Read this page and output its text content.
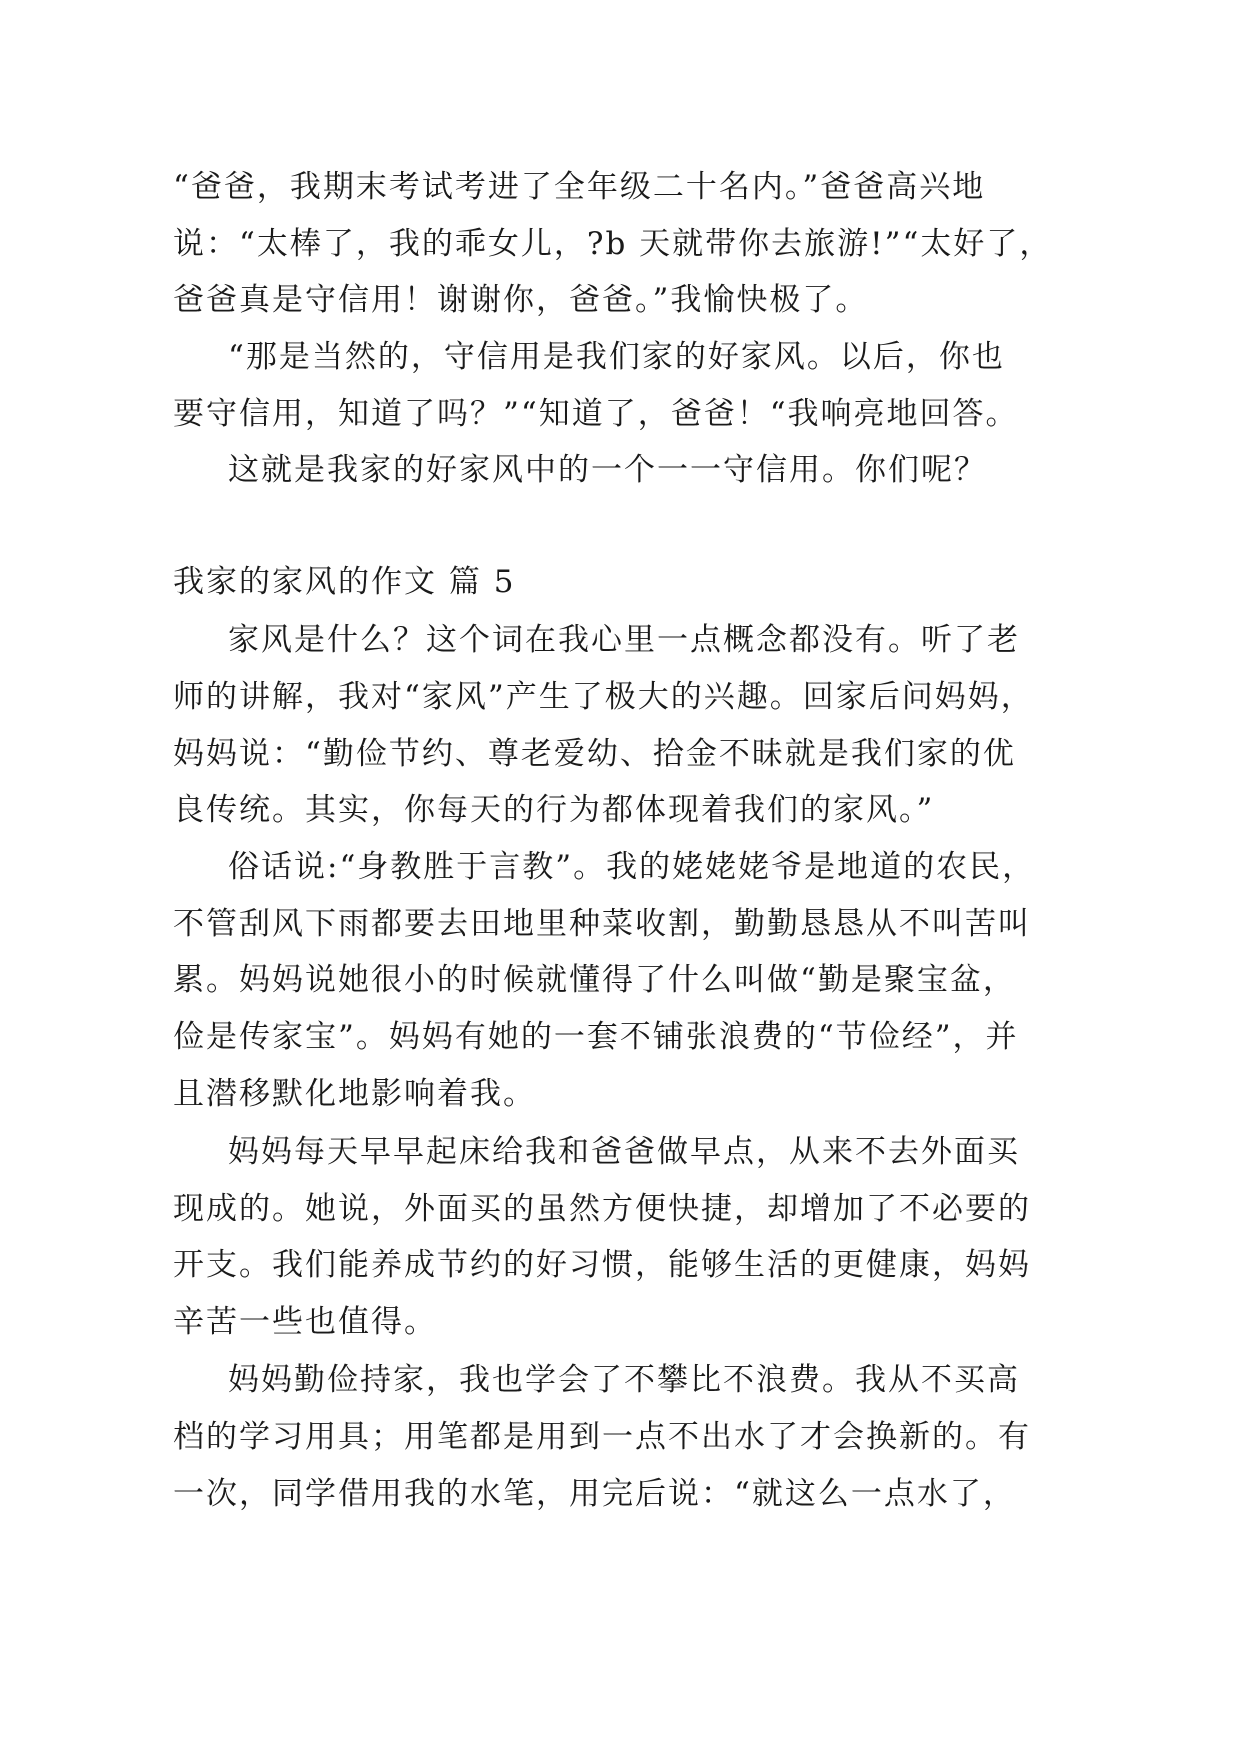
“爸爸，我期末考试考进了全年级二十名内。”爸爸高兴地
说：“太棒了，我的乖女儿，?b 天就带你去旅游!”“太好了，
爸爸真是守信用！谢谢你，爸爸。”我愉快极了。
“那是当然的，守信用是我们家的好家风。以后，你也
要守信用，知道了吗？”“知道了，爸爸！“我响亮地回答。
这就是我家的好家风中的一个一一守信用。你们呢？
我家的家风的作文 篇 5
家风是什么？这个词在我心里一点概念都没有。听了老
师的讲解，我对“家风”产生了极大的兴趣。回家后问妈妈，
妈妈说：“勤俭节约、尊老爱幼、拾金不昧就是我们家的优
良传统。其实，你每天的行为都体现着我们的家风。”
俗话说:“身教胜于言教”。我的姥姥姥爷是地道的农民，
不管刮风下雨都要去田地里种菜收割，勤勤恳恳从不叫苦叫
累。妈妈说她很小的时候就懂得了什么叫做“勤是聚宝盆，
俭是传家宝”。妈妈有她的一套不铺张浪费的“节俭经”，并
且潜移默化地影响着我。
妈妈每天早早起床给我和爸爸做早点，从来不去外面买
现成的。她说，外面买的虽然方便快捷，却增加了不必要的
开支。我们能养成节约的好习惯，能够生活的更健康，妈妈
辛苦一些也值得。
妈妈勤俭持家，我也学会了不攀比不浪费。我从不买高
档的学习用具；用笔都是用到一点不出水了才会换新的。有
一次，同学借用我的水笔，用完后说：“就这么一点水了，
